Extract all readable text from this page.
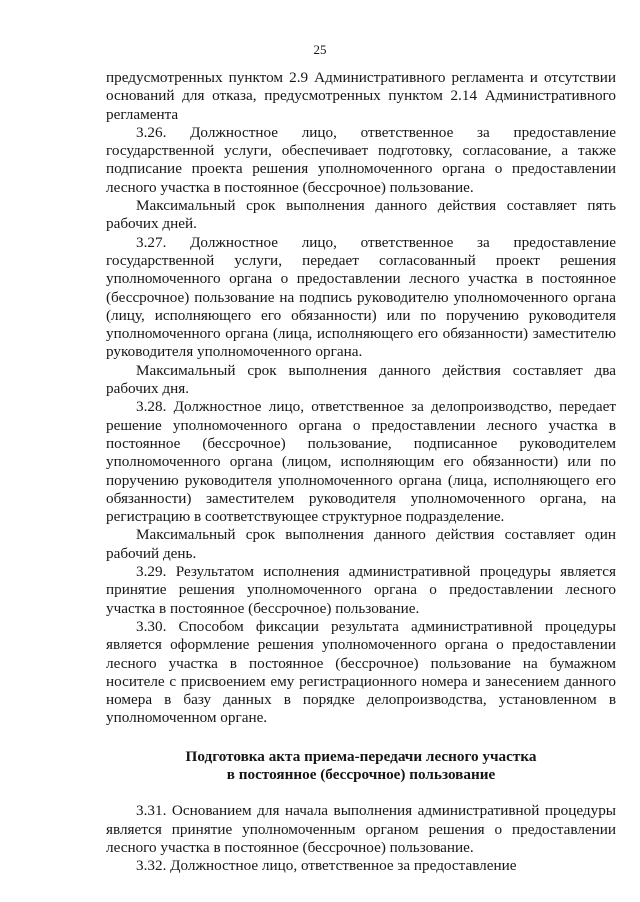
25

предусмотренных пунктом 2.9 Административного регламента и отсутствии оснований для отказа, предусмотренных пунктом 2.14 Административного регламента

3.26. Должностное лицо, ответственное за предоставление государственной услуги, обеспечивает подготовку, согласование, а также подписание проекта решения уполномоченного органа о предоставлении лесного участка в постоянное (бессрочное) пользование.

Максимальный срок выполнения данного действия составляет пять рабочих дней.

3.27. Должностное лицо, ответственное за предоставление государственной услуги, передает согласованный проект решения уполномоченного органа о предоставлении лесного участка в постоянное (бессрочное) пользование на подпись руководителю уполномоченного органа (лицу, исполняющего его обязанности) или по поручению руководителя уполномоченного органа (лица, исполняющего его обязанности) заместителю руководителя уполномоченного органа.

Максимальный срок выполнения данного действия составляет два рабочих дня.

3.28. Должностное лицо, ответственное за делопроизводство, передает решение уполномоченного органа о предоставлении лесного участка в постоянное (бессрочное) пользование, подписанное руководителем уполномоченного органа (лицом, исполняющим его обязанности) или по поручению руководителя уполномоченного органа (лица, исполняющего его обязанности) заместителем руководителя уполномоченного органа, на регистрацию в соответствующее структурное подразделение.

Максимальный срок выполнения данного действия составляет один рабочий день.

3.29. Результатом исполнения административной процедуры является принятие решения уполномоченного органа о предоставлении лесного участка в постоянное (бессрочное) пользование.

3.30. Способом фиксации результата административной процедуры является оформление решения уполномоченного органа о предоставлении лесного участка в постоянное (бессрочное) пользование на бумажном носителе с присвоением ему регистрационного номера и занесением данного номера в базу данных в порядке делопроизводства, установленном в уполномоченном органе.

Подготовка акта приема-передачи лесного участка
в постоянное (бессрочное) пользование

3.31. Основанием для начала выполнения административной процедуры является принятие уполномоченным органом решения о предоставлении лесного участка в постоянное (бессрочное) пользование.

3.32. Должностное лицо, ответственное за предоставление
